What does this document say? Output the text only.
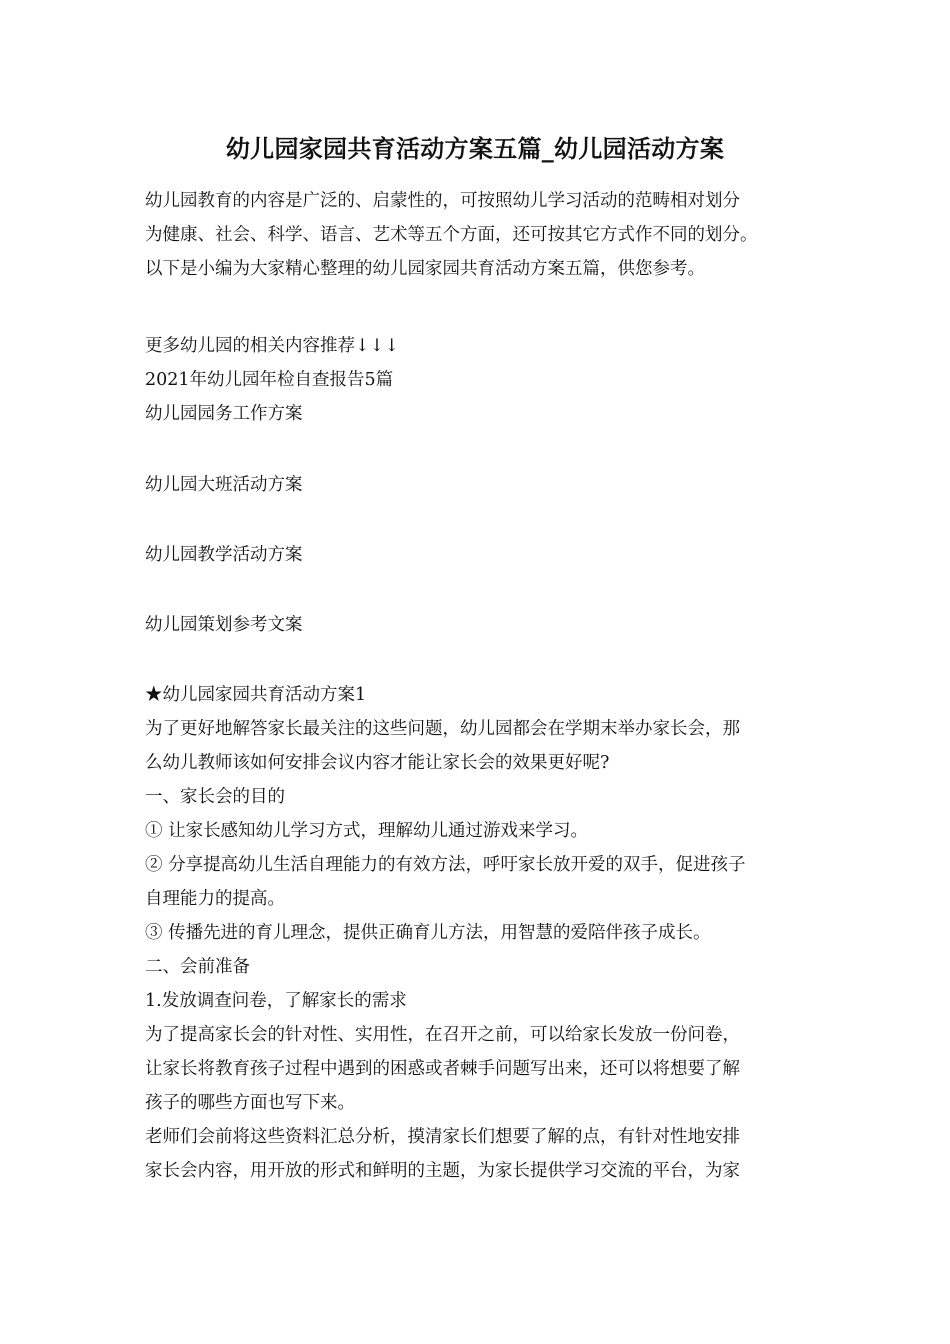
幼儿园家园共育活动方案五篇_幼儿园活动方案
幼儿园教育的内容是广泛的、启蒙性的，可按照幼儿学习活动的范畴相对划分
为健康、社会、科学、语言、艺术等五个方面，还可按其它方式作不同的划分。
以下是小编为大家精心整理的幼儿园家园共育活动方案五篇，供您参考。
更多幼儿园的相关内容推荐↓↓↓
2021年幼儿园年检自查报告5篇
幼儿园园务工作方案
幼儿园大班活动方案
幼儿园教学活动方案
幼儿园策划参考文案
★幼儿园家园共育活动方案1
为了更好地解答家长最关注的这些问题，幼儿园都会在学期末举办家长会，那
么幼儿教师该如何安排会议内容才能让家长会的效果更好呢?
一、家长会的目的
① 让家长感知幼儿学习方式，理解幼儿通过游戏来学习。
② 分享提高幼儿生活自理能力的有效方法，呼吁家长放开爱的双手，促进孩子
自理能力的提高。
③ 传播先进的育儿理念，提供正确育儿方法，用智慧的爱陪伴孩子成长。
二、会前准备
1.发放调查问卷，了解家长的需求
为了提高家长会的针对性、实用性，在召开之前，可以给家长发放一份问卷，
让家长将教育孩子过程中遇到的困惑或者棘手问题写出来，还可以将想要了解
孩子的哪些方面也写下来。
老师们会前将这些资料汇总分析，摸清家长们想要了解的点，有针对性地安排
家长会内容，用开放的形式和鲜明的主题，为家长提供学习交流的平台，为家
